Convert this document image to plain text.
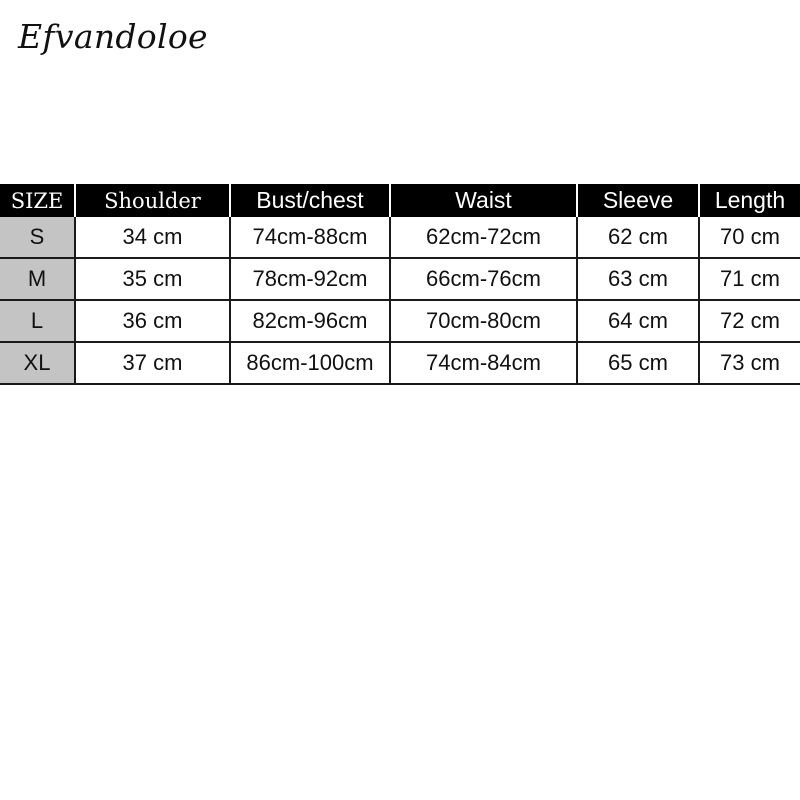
Efvandoloe
SIZE	Shoulder	Bust/chest	Waist	Sleeve	Length
S	34 cm	74cm-88cm	62cm-72cm	62 cm	70 cm
M	35 cm	78cm-92cm	66cm-76cm	63 cm	71 cm
L	36 cm	82cm-96cm	70cm-80cm	64 cm	72 cm
XL	37 cm	86cm-100cm	74cm-84cm	65 cm	73 cm
